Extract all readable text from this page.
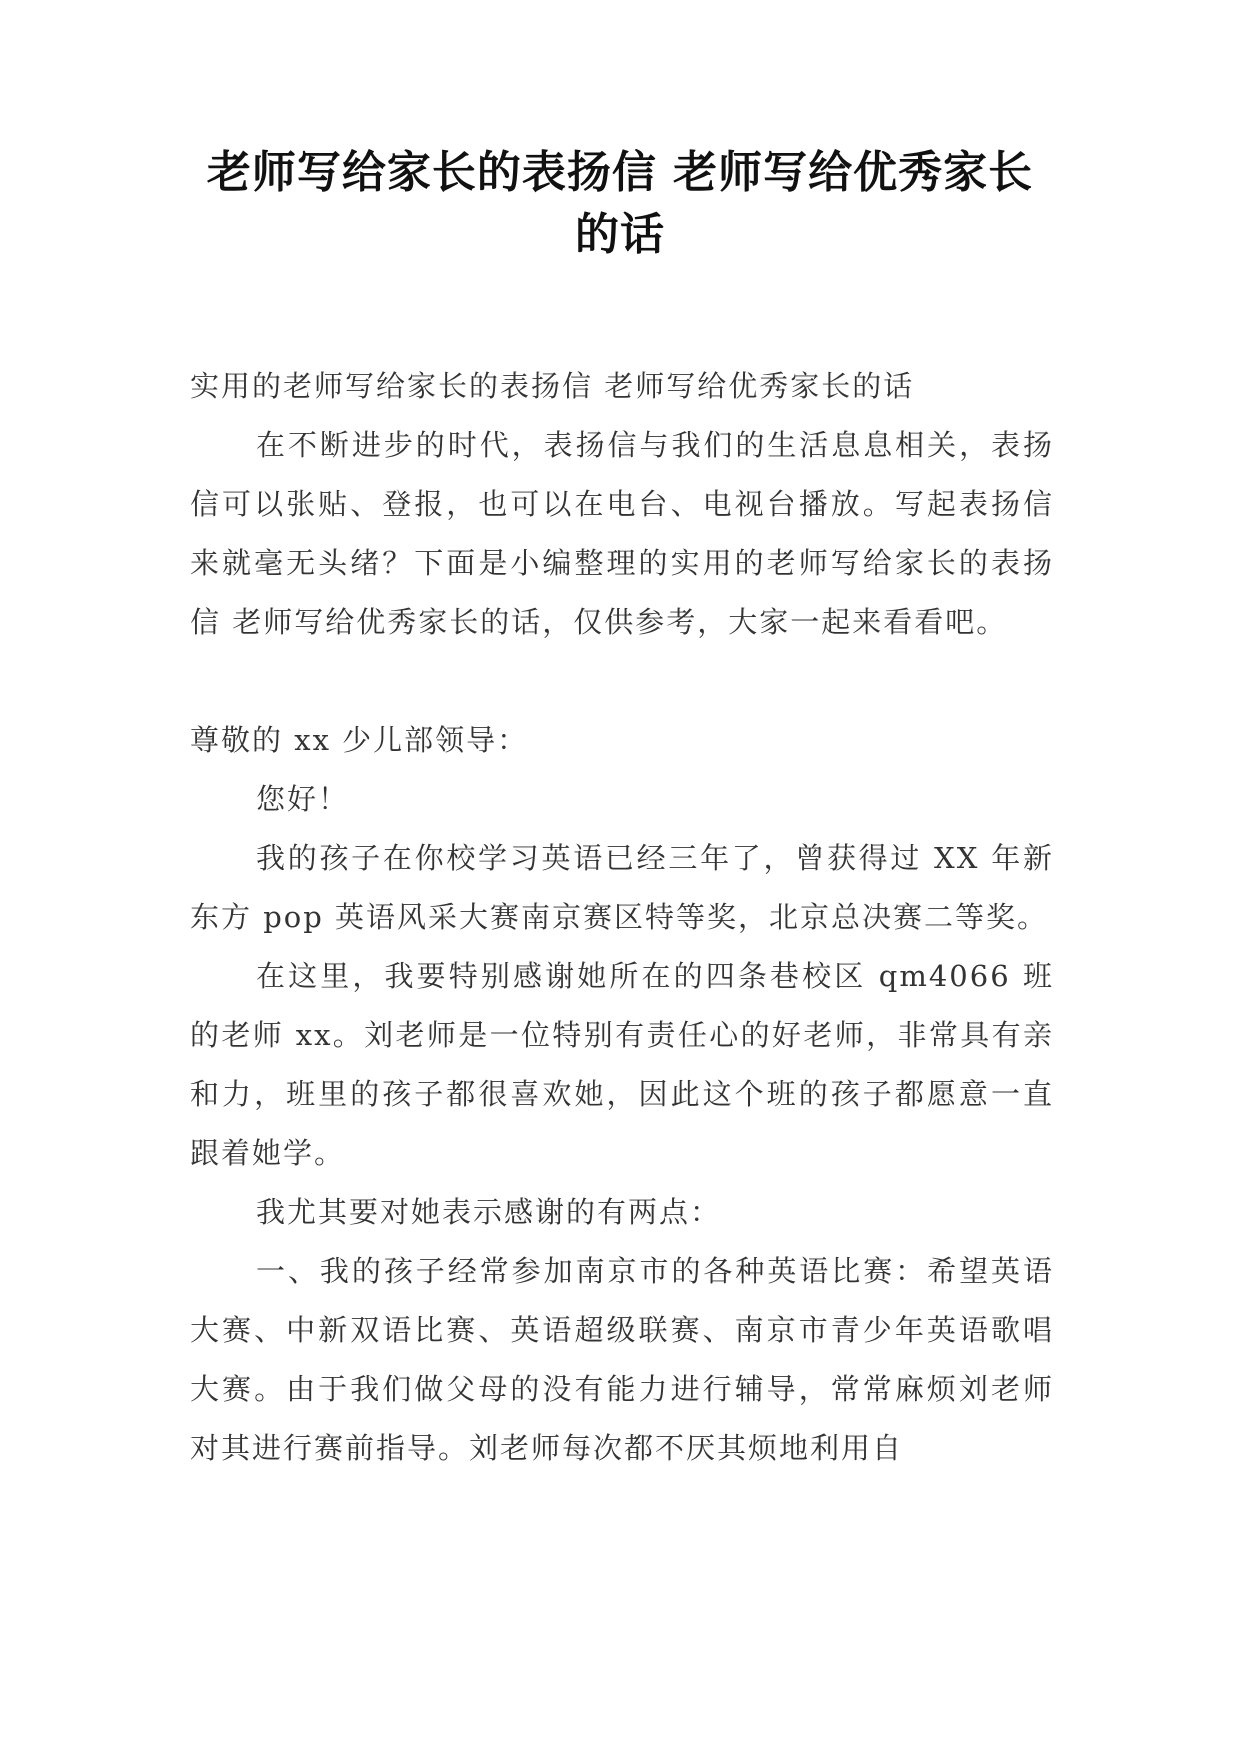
老师写给家长的表扬信 老师写给优秀家长
的话

实用的老师写给家长的表扬信 老师写给优秀家长的话

在不断进步的时代，表扬信与我们的生活息息相关，表扬信可以张贴、登报，也可以在电台、电视台播放。写起表扬信来就毫无头绪？下面是小编整理的实用的老师写给家长的表扬信 老师写给优秀家长的话，仅供参考，大家一起来看看吧。

尊敬的 xx 少儿部领导：

您好！

我的孩子在你校学习英语已经三年了，曾获得过 XX 年新东方 pop 英语风采大赛南京赛区特等奖，北京总决赛二等奖。

在这里，我要特别感谢她所在的四条巷校区 qm4066 班的老师 xx。刘老师是一位特别有责任心的好老师，非常具有亲和力，班里的孩子都很喜欢她，因此这个班的孩子都愿意一直跟着她学。

我尤其要对她表示感谢的有两点：

一、我的孩子经常参加南京市的各种英语比赛：希望英语大赛、中新双语比赛、英语超级联赛、南京市青少年英语歌唱大赛。由于我们做父母的没有能力进行辅导，常常麻烦刘老师对其进行赛前指导。刘老师每次都不厌其烦地利用自
